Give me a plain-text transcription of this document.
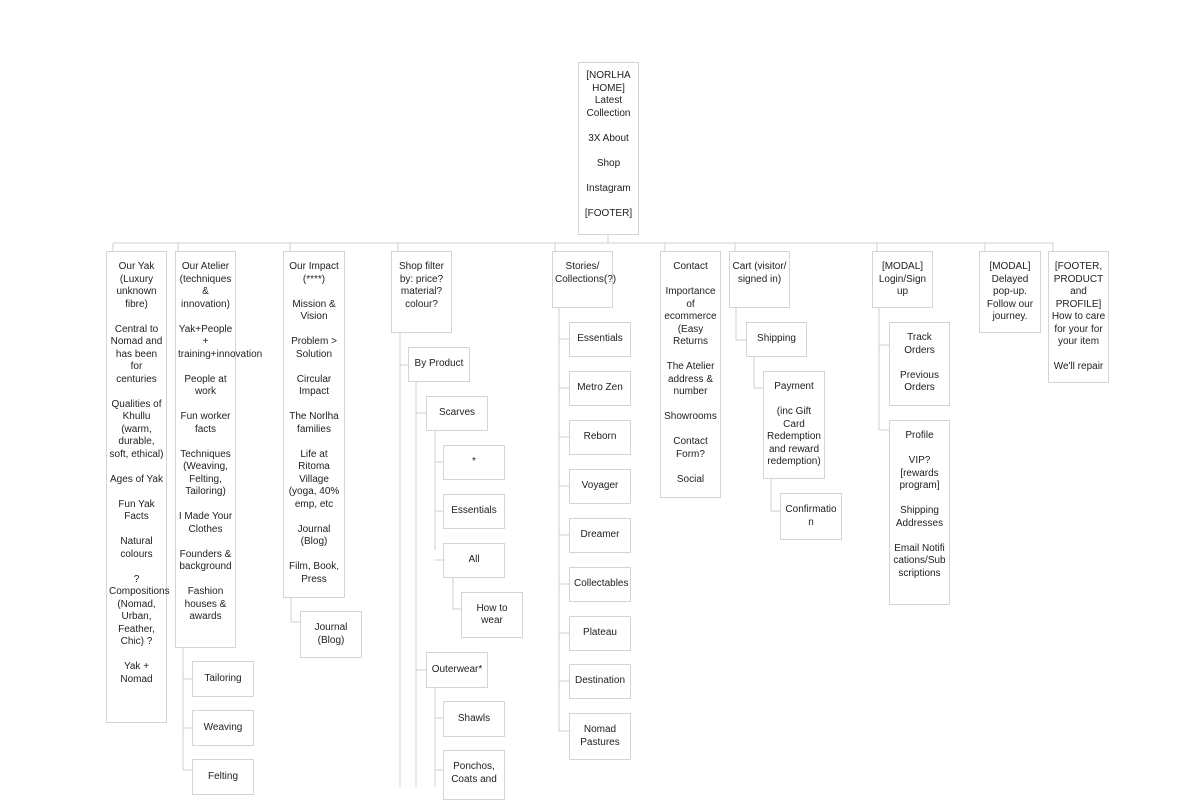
[NORLHA HOME]
Latest Collection
3X About
Shop
Instagram
[FOOTER]
Our Yak (Luxury unknown fibre)
Central to Nomad and has been for centuries
Qualities of Khullu (warm, durable, soft, ethical)
Ages of Yak
Fun Yak Facts
Natural colours
? Compositions (Nomad, Urban, Feather, Chic) ?
Yak + Nomad
Our Atelier (techniques & innovation)
Yak+People + training+innovation
People at work
Fun worker facts
Techniques (Weaving, Felting, Tailoring)
I Made Your Clothes
Founders & background
Fashion houses & awards
Tailoring
Weaving
Felting
Our Impact (****)
Mission & Vision
Problem > Solution
Circular Impact
The Norlha families
Life at Ritoma Village (yoga, 40% emp, etc
Journal (Blog)
Film, Book, Press
Journal (Blog)
Shop filter by: price? material? colour?
By Product
Scarves
*
Essentials
All
How to wear
Outerwear*
Shawls
Ponchos, Coats and
Stories/ Collections(?)
Essentials
Metro Zen
Reborn
Voyager
Dreamer
Collectables
Plateau
Destination
Nomad Pastures
Contact
Importance of ecommerce (Easy Returns
The Atelier address & number
Showrooms
Contact Form?
Social
Cart (visitor/ signed in)
Shipping
Payment
(inc Gift Card Redemption and reward redemption)
Confirmation
[MODAL] Login/Sign up
Track Orders
Previous Orders
Profile
VIP? [rewards program]
Shipping Addresses
Email Notifications/Subscriptions
[MODAL] Delayed pop-up. Follow our journey.
[FOOTER, PRODUCT and PROFILE] How to care for your for your item
We'll repair
